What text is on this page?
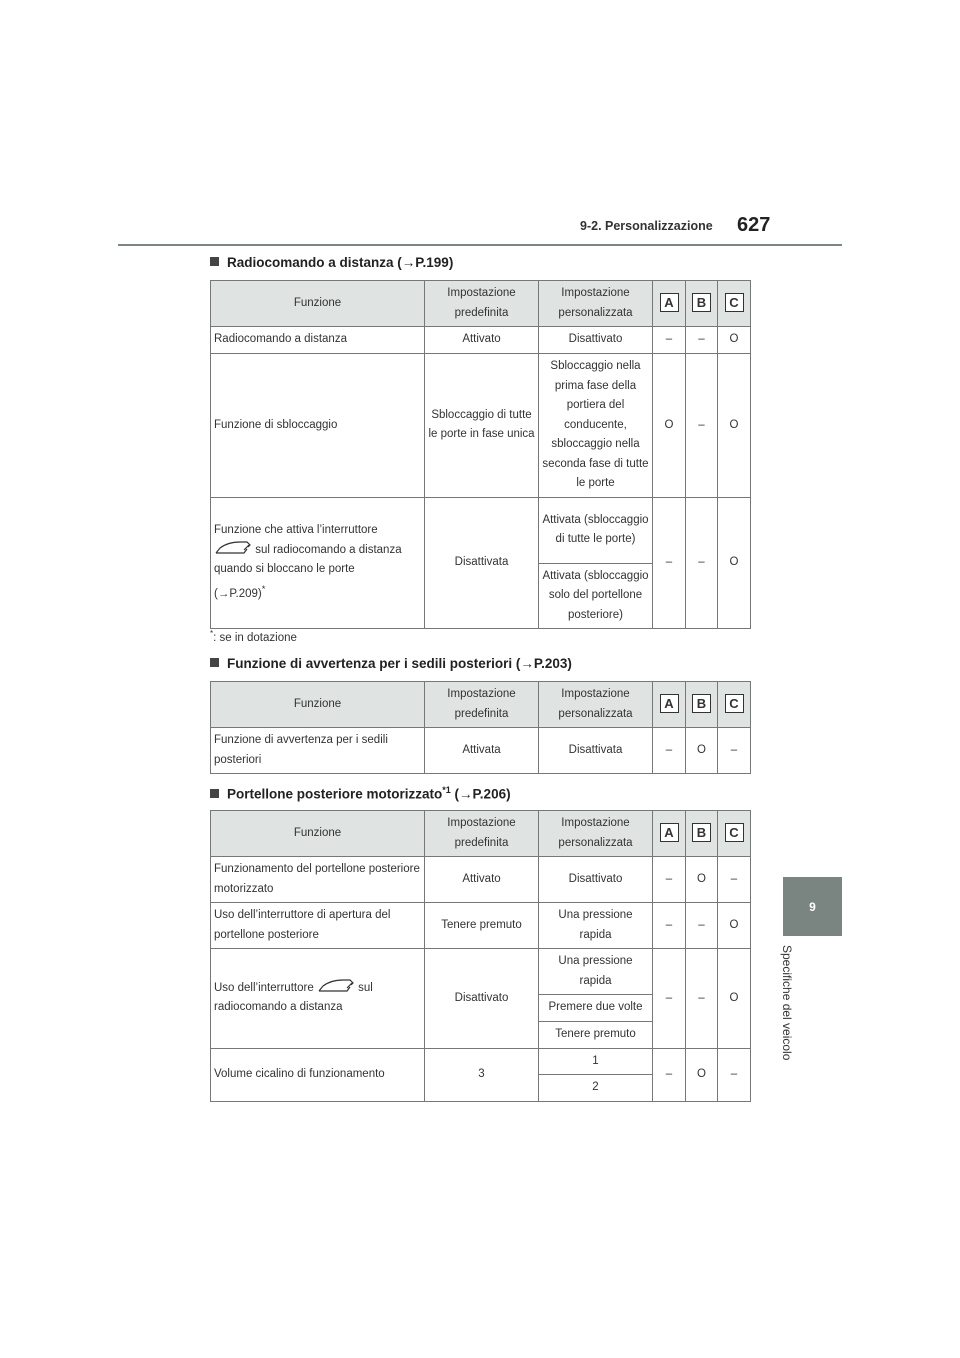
9-2. Personalizzazione 627
9
Specifiche del veicolo
Radiocomando a distanza (→P.199)
Funzione	Impostazione predefinita	Impostazione personalizzata	A	B	C
Radiocomando a distanza	Attivato	Disattivato	–	–	O
Funzione di sbloccaggio	Sbloccaggio di tutte le porte in fase unica	Sbloccaggio nella prima fase della portiera del conducente, sbloccaggio nella seconda fase di tutte le porte	O	–	O
Funzione che attiva l’interruttore
sul radiocomando a distanza quando si bloccano le porte
(→P.209)*	Disattivata	Attivata (sbloccaggio di tutte le porte)	–	–	O
		Attivata (sbloccaggio solo del portellone posteriore)			
*: se in dotazione
Funzione di avvertenza per i sedili posteriori (→P.203)
Funzione	Impostazione predefinita	Impostazione personalizzata	A	B	C
Funzione di avvertenza per i sedili posteriori	Attivata	Disattivata	–	O	–
Portellone posteriore motorizzato$^{*1}$ (→P.206)
Funzione	Impostazione predefinita	Impostazione personalizzata	A	B	C
Funzionamento del portellone posteriore motorizzato	Attivato	Disattivato	–	O	–
Uso dell’interruttore di apertura del portellone posteriore	Tenere premuto	Una pressione rapida	–	–	O
Uso dell’interruttore sul radiocomando a distanza	Disattivato	Una pressione rapida	–	–	O
		Premere due volte			
		Tenere premuto			
Volume cicalino di funzionamento	3	1	–	O	–
		2			
